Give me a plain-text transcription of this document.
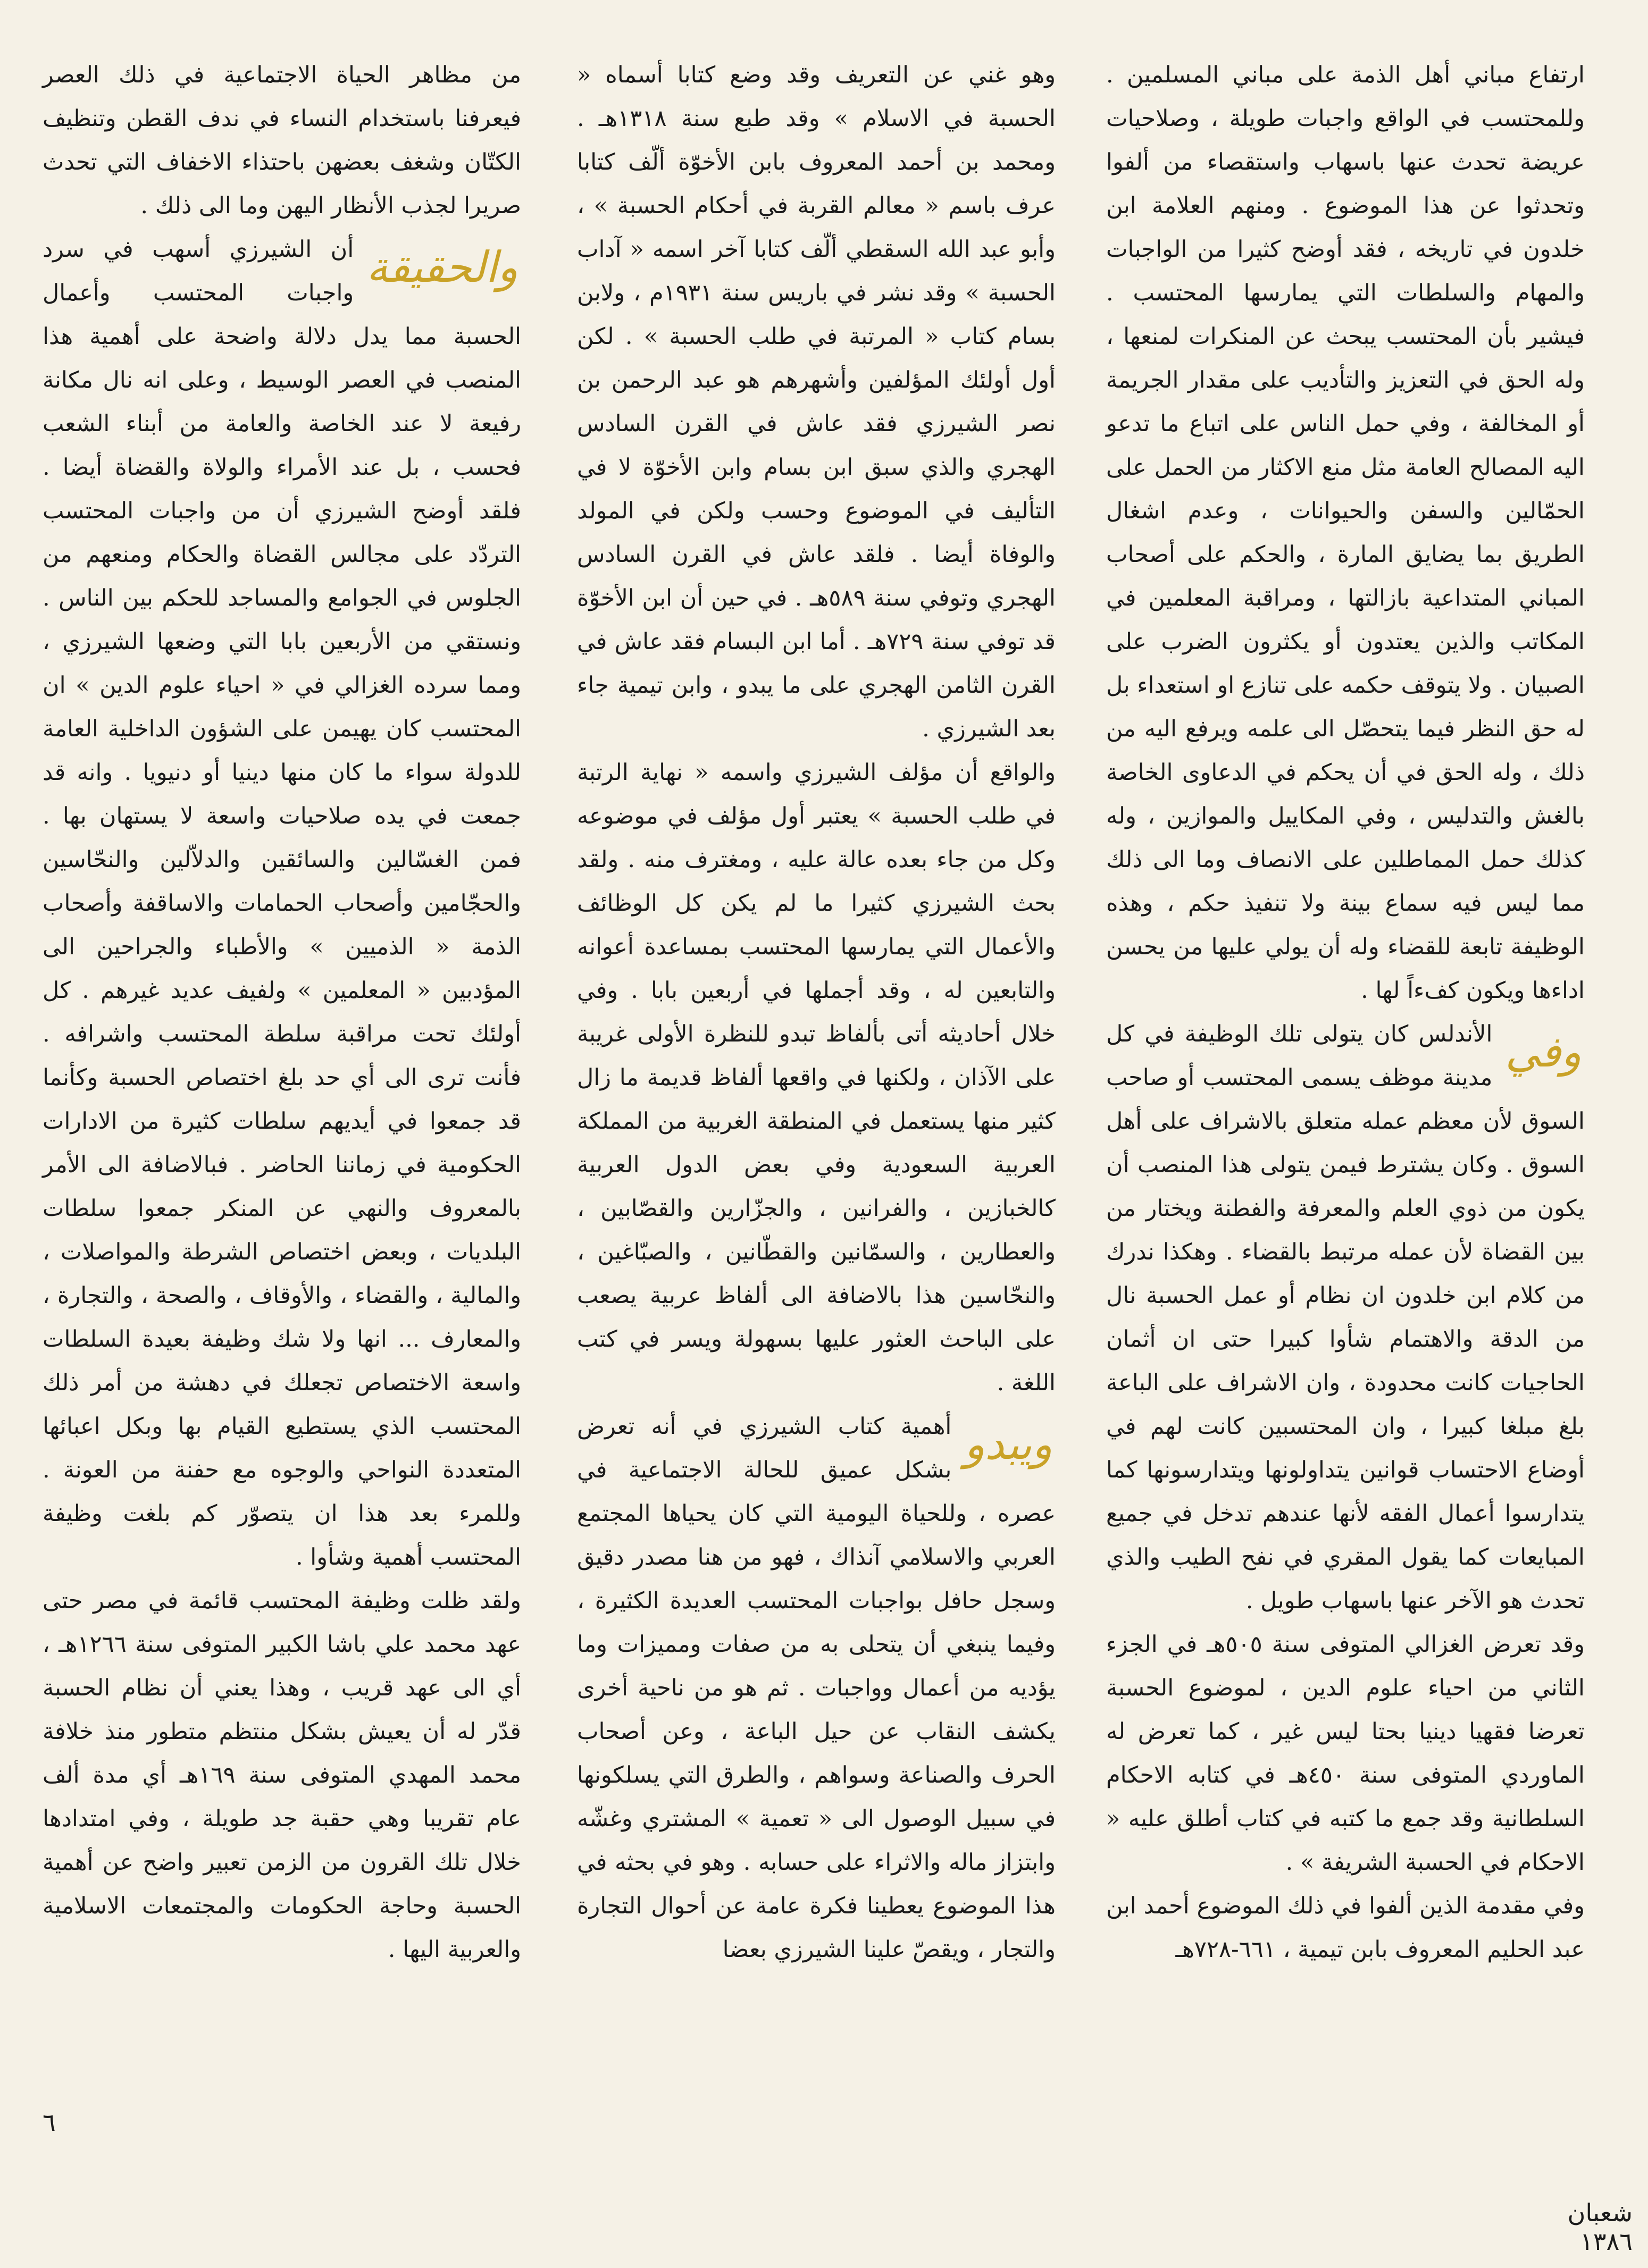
ارتفاع مباني أهل الذمة على مباني المسلمين . وللمحتسب في الواقع واجبات طويلة ، وصلاحيات عريضة تحدث عنها باسهاب واستقصاء من ألفوا وتحدثوا عن هذا الموضوع . ومنهم العلامة ابن خلدون في تاريخه ، فقد أوضح كثيرا من الواجبات والمهام والسلطات التي يمارسها المحتسب . فيشير بأن المحتسب يبحث عن المنكرات لمنعها ، وله الحق في التعزيز والتأديب على مقدار الجريمة أو المخالفة ، وفي حمل الناس على اتباع ما تدعو اليه المصالح العامة مثل منع الاكثار من الحمل على الحمّالين والسفن والحيوانات ، وعدم اشغال الطريق بما يضايق المارة ، والحكم على أصحاب المباني المتداعية بازالتها ، ومراقبة المعلمين في المكاتب والذين يعتدون أو يكثرون الضرب على الصبيان . ولا يتوقف حكمه على تنازع او استعداء بل له حق النظر فيما يتحصّل الى علمه ويرفع اليه من ذلك ، وله الحق في أن يحكم في الدعاوى الخاصة بالغش والتدليس ، وفي المكاييل والموازين ، وله كذلك حمل المماطلين على الانصاف وما الى ذلك مما ليس فيه سماع بينة ولا تنفيذ حكم ، وهذه الوظيفة تابعة للقضاء وله أن يولي عليها من يحسن اداءها ويكون كفءاً لها .

وفي
الأندلس كان يتولى تلك الوظيفة في كل مدينة موظف يسمى المحتسب أو صاحب السوق لأن معظم عمله متعلق بالاشراف على أهل السوق . وكان يشترط فيمن يتولى هذا المنصب أن يكون من ذوي العلم والمعرفة والفطنة ويختار من بين القضاة لأن عمله مرتبط بالقضاء . وهكذا ندرك من كلام ابن خلدون ان نظام أو عمل الحسبة نال من الدقة والاهتمام شأوا كبيرا حتى ان أثمان الحاجيات كانت محدودة ، وان الاشراف على الباعة بلغ مبلغا كبيرا ، وان المحتسبين كانت لهم في أوضاع الاحتساب قوانين يتداولونها ويتدارسونها كما يتدارسوا أعمال الفقه لأنها عندهم تدخل في جميع المبايعات كما يقول المقري في نفح الطيب والذي تحدث هو الآخر عنها باسهاب طويل .

وقد تعرض الغزالي المتوفى سنة ٥٠٥هـ في الجزء الثاني من احياء علوم الدين ، لموضوع الحسبة تعرضا فقهيا دينيا بحتا ليس غير ، كما تعرض له الماوردي المتوفى سنة ٤٥٠هـ في كتابه الاحكام السلطانية وقد جمع ما كتبه في كتاب أطلق عليه « الاحكام في الحسبة الشريفة » .

وفي مقدمة الذين ألفوا في ذلك الموضوع أحمد ابن عبد الحليم المعروف بابن تيمية ، ٦٦١-٧٢٨هـ

وهو غني عن التعريف وقد وضع كتابا أسماه « الحسبة في الاسلام » وقد طبع سنة ١٣١٨هـ . ومحمد بن أحمد المعروف بابن الأخوّة ألّف كتابا عرف باسم « معالم القربة في أحكام الحسبة » ، وأبو عبد الله السقطي ألّف كتابا آخر اسمه « آداب الحسبة » وقد نشر في باريس سنة ١٩٣١م ، ولابن بسام كتاب « المرتبة في طلب الحسبة » . لكن أول أولئك المؤلفين وأشهرهم هو عبد الرحمن بن نصر الشيرزي فقد عاش في القرن السادس الهجري والذي سبق ابن بسام وابن الأخوّة لا في التأليف في الموضوع وحسب ولكن في المولد والوفاة أيضا . فلقد عاش في القرن السادس الهجري وتوفي سنة ٥٨٩هـ . في حين أن ابن الأخوّة قد توفي سنة ٧٢٩هـ . أما ابن البسام فقد عاش في القرن الثامن الهجري على ما يبدو ، وابن تيمية جاء بعد الشيرزي .

والواقع أن مؤلف الشيرزي واسمه « نهاية الرتبة في طلب الحسبة » يعتبر أول مؤلف في موضوعه وكل من جاء بعده عالة عليه ، ومغترف منه . ولقد بحث الشيرزي كثيرا ما لم يكن كل الوظائف والأعمال التي يمارسها المحتسب بمساعدة أعوانه والتابعين له ، وقد أجملها في أربعين بابا . وفي خلال أحاديثه أتى بألفاظ تبدو للنظرة الأولى غريبة على الآذان ، ولكنها في واقعها ألفاظ قديمة ما زال كثير منها يستعمل في المنطقة الغربية من المملكة العربية السعودية وفي بعض الدول العربية كالخبازين ، والفرانين ، والجزّارين والقصّابين ، والعطارين ، والسمّانين والقطّانين ، والصبّاغين ، والنحّاسين هذا بالاضافة الى ألفاظ عربية يصعب على الباحث العثور عليها بسهولة ويسر في كتب اللغة .

ويبدو
أهمية كتاب الشيرزي في أنه تعرض بشكل عميق للحالة الاجتماعية في عصره ، وللحياة اليومية التي كان يحياها المجتمع العربي والاسلامي آنذاك ، فهو من هنا مصدر دقيق وسجل حافل بواجبات المحتسب العديدة الكثيرة ، وفيما ينبغي أن يتحلى به من صفات ومميزات وما يؤديه من أعمال وواجبات . ثم هو من ناحية أخرى يكشف النقاب عن حيل الباعة ، وعن أصحاب الحرف والصناعة وسواهم ، والطرق التي يسلكونها في سبيل الوصول الى « تعمية » المشتري وغشّه وابتزاز ماله والاثراء على حسابه . وهو في بحثه في هذا الموضوع يعطينا فكرة عامة عن أحوال التجارة والتجار ، ويقصّ علينا الشيرزي بعضا

من مظاهر الحياة الاجتماعية في ذلك العصر فيعرفنا باستخدام النساء في ندف القطن وتنظيف الكتّان وشغف بعضهن باحتذاء الاخفاف التي تحدث صريرا لجذب الأنظار اليهن وما الى ذلك .

والحقيقة
أن الشيرزي أسهب في سرد واجبات المحتسب وأعمال الحسبة مما يدل دلالة واضحة على أهمية هذا المنصب في العصر الوسيط ، وعلى انه نال مكانة رفيعة لا عند الخاصة والعامة من أبناء الشعب فحسب ، بل عند الأمراء والولاة والقضاة أيضا . فلقد أوضح الشيرزي أن من واجبات المحتسب التردّد على مجالس القضاة والحكام ومنعهم من الجلوس في الجوامع والمساجد للحكم بين الناس . ونستقي من الأربعين بابا التي وضعها الشيرزي ، ومما سرده الغزالي في « احياء علوم الدين » ان المحتسب كان يهيمن على الشؤون الداخلية العامة للدولة سواء ما كان منها دينيا أو دنيويا . وانه قد جمعت في يده صلاحيات واسعة لا يستهان بها . فمن الغسّالين والسائقين والدلاّلين والنحّاسين والحجّامين وأصحاب الحمامات والاساقفة وأصحاب الذمة « الذميين » والأطباء والجراحين الى المؤدبين « المعلمين » ولفيف عديد غيرهم . كل أولئك تحت مراقبة سلطة المحتسب واشرافه . فأنت ترى الى أي حد بلغ اختصاص الحسبة وكأنما قد جمعوا في أيديهم سلطات كثيرة من الادارات الحكومية في زماننا الحاضر . فبالاضافة الى الأمر بالمعروف والنهي عن المنكر جمعوا سلطات البلديات ، وبعض اختصاص الشرطة والمواصلات ، والمالية ، والقضاء ، والأوقاف ، والصحة ، والتجارة ، والمعارف ... انها ولا شك وظيفة بعيدة السلطات واسعة الاختصاص تجعلك في دهشة من أمر ذلك المحتسب الذي يستطيع القيام بها وبكل اعبائها المتعددة النواحي والوجوه مع حفنة من العونة . وللمرء بعد هذا ان يتصوّر كم بلغت وظيفة المحتسب أهمية وشأوا .

ولقد ظلت وظيفة المحتسب قائمة في مصر حتى عهد محمد علي باشا الكبير المتوفى سنة ١٢٦٦هـ ، أي الى عهد قريب ، وهذا يعني أن نظام الحسبة قدّر له أن يعيش بشكل منتظم متطور منذ خلافة محمد المهدي المتوفى سنة ١٦٩هـ أي مدة ألف عام تقريبا وهي حقبة جد طويلة ، وفي امتدادها خلال تلك القرون من الزمن تعبير واضح عن أهمية الحسبة وحاجة الحكومات والمجتمعات الاسلامية والعربية اليها .

٦
شعبان ١٣٨٦
